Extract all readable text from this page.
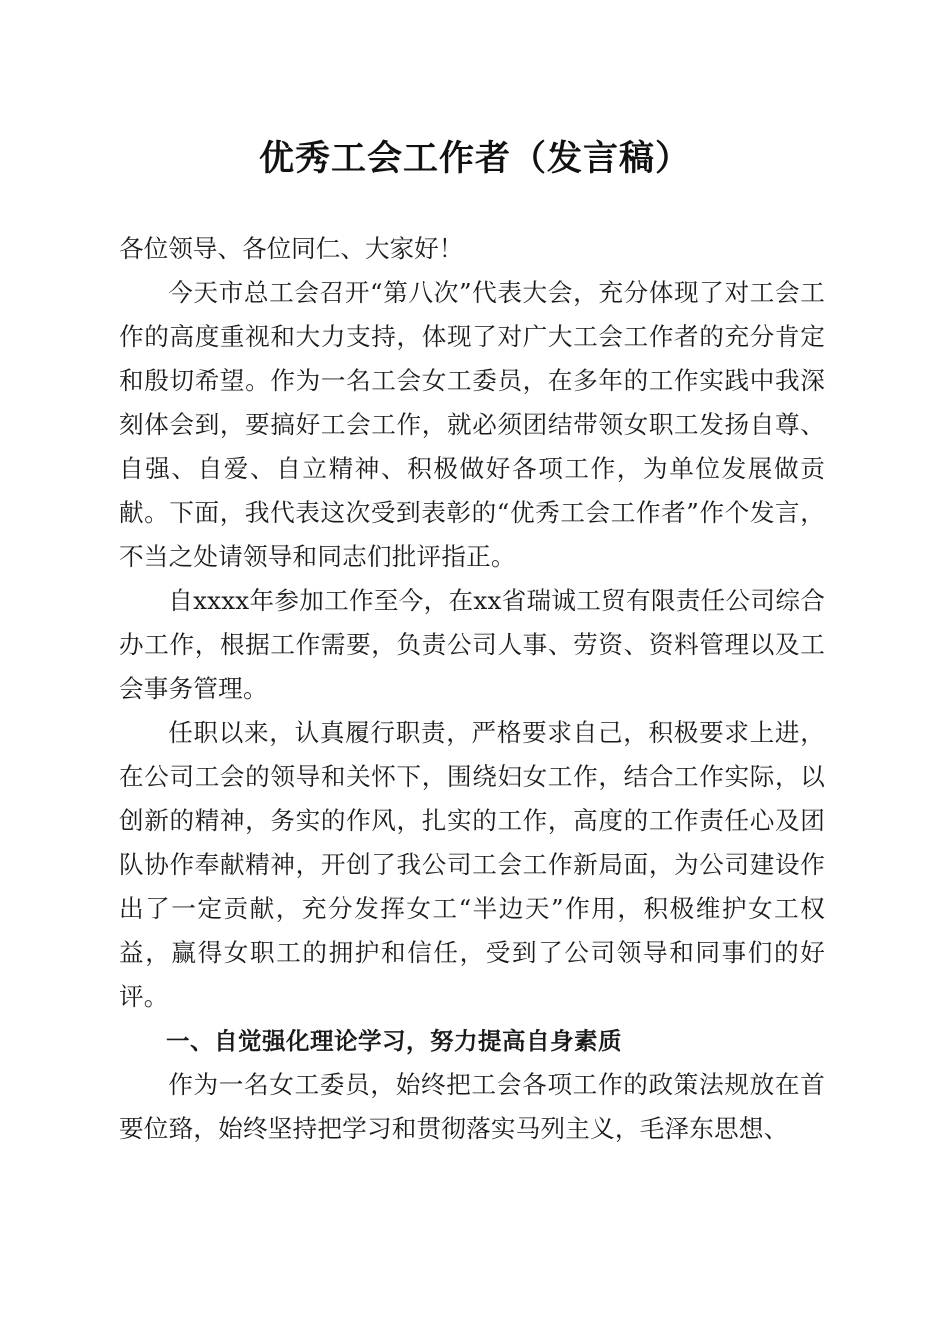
优秀工会工作者（发言稿）

各位领导、各位同仁、大家好！

今天市总工会召开“第八次”代表大会，充分体现了对工会工作的高度重视和大力支持，体现了对广大工会工作者的充分肯定和殷切希望。作为一名工会女工委员，在多年的工作实践中我深刻体会到，要搞好工会工作，就必须团结带领女职工发扬自尊、自强、自爱、自立精神、积极做好各项工作，为单位发展做贡献。下面，我代表这次受到表彰的“优秀工会工作者”作个发言，不当之处请领导和同志们批评指正。

自xxxx年参加工作至今，在xx省瑞诚工贸有限责任公司综合办工作，根据工作需要，负责公司人事、劳资、资料管理以及工会事务管理。

任职以来，认真履行职责，严格要求自己，积极要求上进，在公司工会的领导和关怀下，围绕妇女工作，结合工作实际，以创新的精神，务实的作风，扎实的工作，高度的工作责任心及团队协作奉献精神，开创了我公司工会工作新局面，为公司建设作出了一定贡献，充分发挥女工“半边天”作用，积极维护女工权益，赢得女职工的拥护和信任，受到了公司领导和同事们的好评。

一、自觉强化理论学习，努力提高自身素质

作为一名女工委员，始终把工会各项工作的政策法规放在首要位臵，始终坚持把学习和贯彻落实马列主义，毛泽东思想、
